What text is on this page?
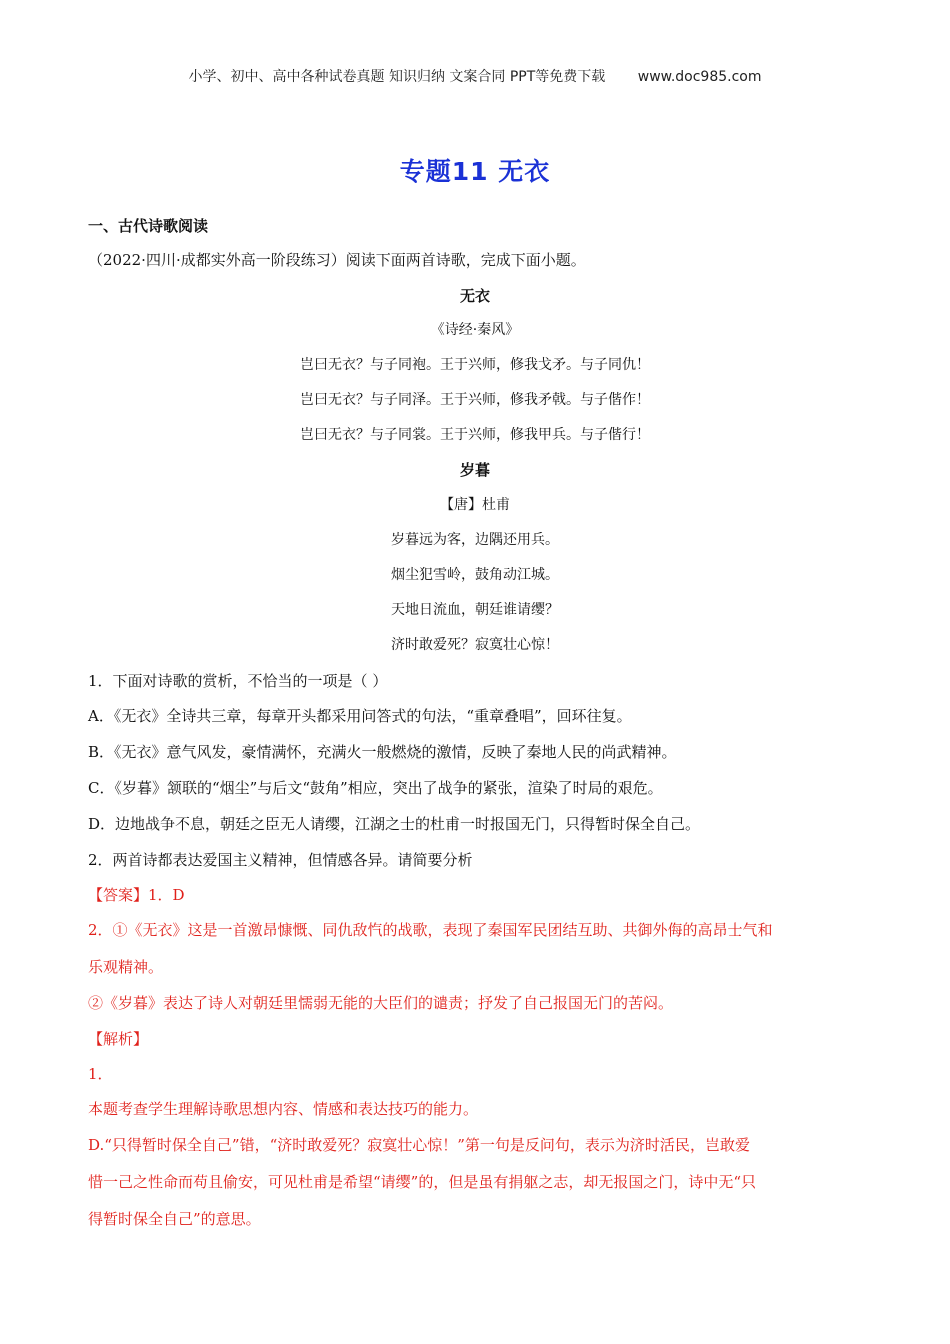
小学、初中、高中各种试卷真题 知识归纳 文案合同 PPT等免费下载 www.doc985.com
专题11 无衣
一、古代诗歌阅读
（2022·四川·成都实外高一阶段练习）阅读下面两首诗歌，完成下面小题。
无衣
《诗经·秦风》
岂曰无衣？与子同袍。王于兴师，修我戈矛。与子同仇！
岂曰无衣？与子同泽。王于兴师，修我矛戟。与子偕作！
岂曰无衣？与子同裳。王于兴师，修我甲兵。与子偕行！
岁暮
【唐】杜甫
岁暮远为客，边隅还用兵。
烟尘犯雪岭，鼓角动江城。
天地日流血，朝廷谁请缨？
济时敢爱死？寂寞壮心惊！
1．下面对诗歌的赏析，不恰当的一项是（ ）
A．《无衣》全诗共三章，每章开头都采用问答式的句法，“重章叠唱”，回环往复。
B．《无衣》意气风发，豪情满怀，充满火一般燃烧的激情，反映了秦地人民的尚武精神。
C．《岁暮》颔联的“烟尘”与后文“鼓角”相应，突出了战争的紧张，渲染了时局的艰危。
D．边地战争不息，朝廷之臣无人请缨，江湖之士的杜甫一时报国无门，只得暂时保全自己。
2．两首诗都表达爱国主义精神，但情感各异。请简要分析
【答案】1．D
2．①《无衣》这是一首激昂慷慨、同仇敌忾的战歌，表现了秦国军民团结互助、共御外侮的高昂士气和
乐观精神。
②《岁暮》表达了诗人对朝廷里懦弱无能的大臣们的谴责；抒发了自己报国无门的苦闷。
【解析】
1．
本题考查学生理解诗歌思想内容、情感和表达技巧的能力。
D.“只得暂时保全自己”错，“济时敢爱死？寂寞壮心惊！”第一句是反问句，表示为济时活民，岂敢爱
惜一己之性命而苟且偷安，可见杜甫是希望“请缨”的，但是虽有捐躯之志，却无报国之门，诗中无“只
得暂时保全自己”的意思。
